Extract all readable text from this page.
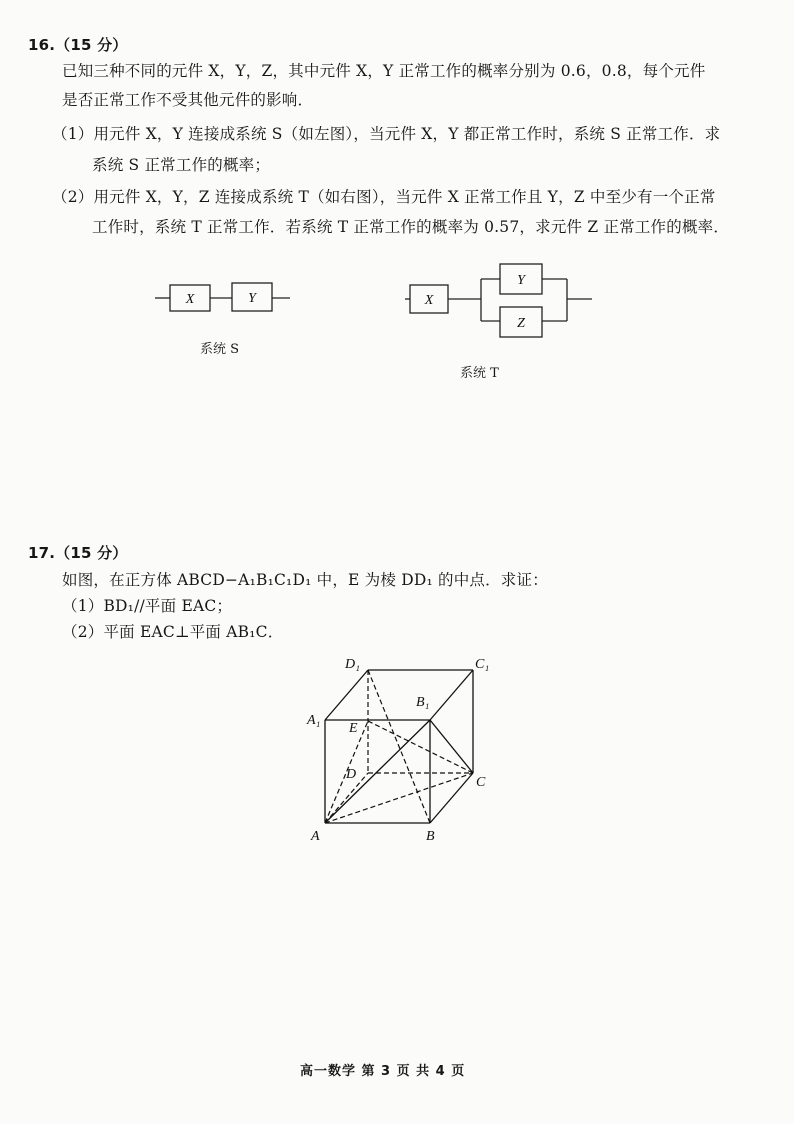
16.（15 分）
已知三种不同的元件 X，Y，Z，其中元件 X，Y 正常工作的概率分别为 0.6，0.8，每个元件
是否正常工作不受其他元件的影响．
（1）用元件 X，Y 连接成系统 S（如左图），当元件 X，Y 都正常工作时，系统 S 正常工作．求
系统 S 正常工作的概率；
（2）用元件 X，Y，Z 连接成系统 T（如右图），当元件 X 正常工作且 Y，Z 中至少有一个正常
工作时，系统 T 正常工作．若系统 T 正常工作的概率为 0.57，求元件 Z 正常工作的概率．
X	Y
系统 S
X
Y
Z
系统 T
17.（15 分）
如图，在正方体 ABCD−A₁B₁C₁D₁ 中，E 为棱 DD₁ 的中点．求证：
（1）BD₁//平面 EAC；
（2）平面 EAC⊥平面 AB₁C．
D₁	C₁
A₁
B₁
E
D
C
A	B
高一数学 第 3 页 共 4 页
